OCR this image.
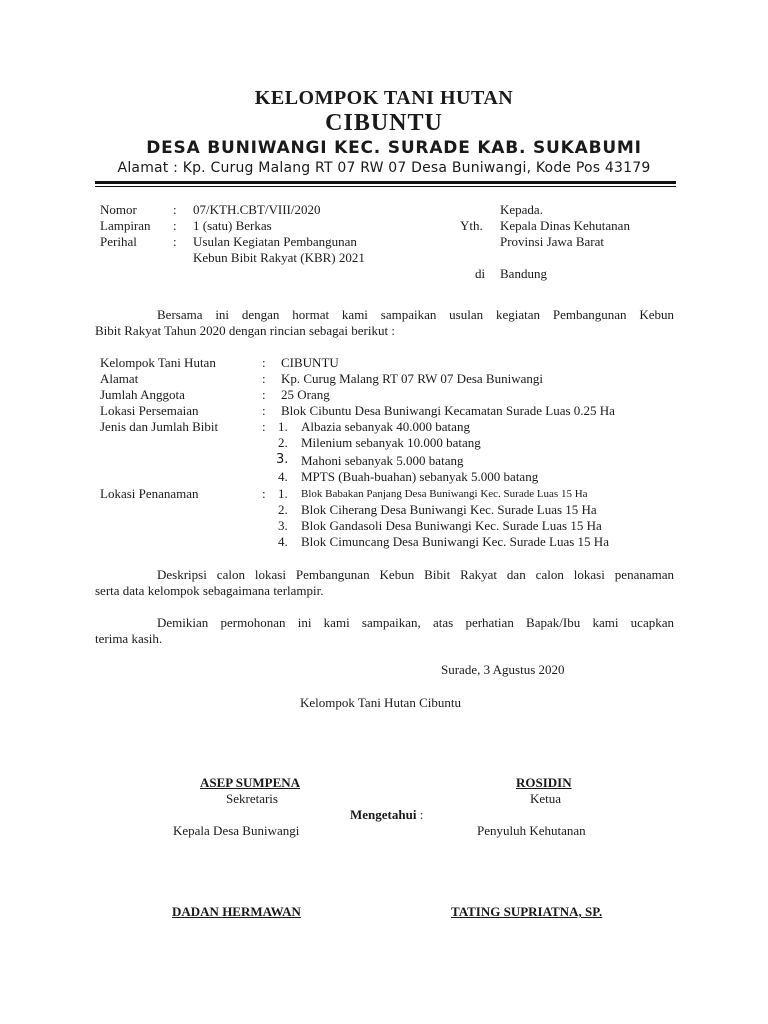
KELOMPOK TANI HUTAN
CIBUNTU
DESA BUNIWANGI KEC. SURADE KAB. SUKABUMI
Alamat : Kp. Curug Malang RT 07 RW 07 Desa Buniwangi, Kode Pos 43179
Nomor	: 07/KTH.CBT/VIII/2020
Lampiran : 1 (satu) Berkas
Perihal	: Usulan Kegiatan Pembangunan
Kebun Bibit Rakyat (KBR) 2021
Kepada.
Yth. Kepala Dinas Kehutanan
Provinsi Jawa Barat
di Bandung
Bersama ini dengan hormat kami sampaikan usulan kegiatan Pembangunan Kebun
Bibit Rakyat Tahun 2020 dengan rincian sebagai berikut :
Kelompok Tani Hutan	: CIBUNTU
Alamat	: Kp. Curug Malang RT 07 RW 07 Desa Buniwangi
Jumlah Anggota	: 25 Orang
Lokasi Persemaian	: Blok Cibuntu Desa Buniwangi Kecamatan Surade Luas 0.25 Ha
Jenis dan Jumlah Bibit	: 1. Albazia sebanyak 40.000 batang
2. Milenium sebanyak 10.000 batang
3. Mahoni sebanyak 5.000 batang
4. MPTS (Buah-buahan) sebanyak 5.000 batang
Lokasi Penanaman	: 1. Blok Babakan Panjang Desa Buniwangi Kec. Surade Luas 15 Ha
2. Blok Ciherang Desa Buniwangi Kec. Surade Luas 15 Ha
3. Blok Gandasoli Desa Buniwangi Kec. Surade Luas 15 Ha
4. Blok Cimuncang Desa Buniwangi Kec. Surade Luas 15 Ha
Deskripsi calon lokasi Pembangunan Kebun Bibit Rakyat dan calon lokasi penanaman
serta data kelompok sebagaimana terlampir.
Demikian permohonan ini kami sampaikan, atas perhatian Bapak/Ibu kami ucapkan
terima kasih.
Surade, 3 Agustus 2020
Kelompok Tani Hutan Cibuntu
ASEP SUMPENA
Sekretaris
ROSIDIN
Ketua
Mengetahui :
Kepala Desa Buniwangi	Penyuluh Kehutanan
DADAN HERMAWAN	TATING SUPRIATNA, SP.
